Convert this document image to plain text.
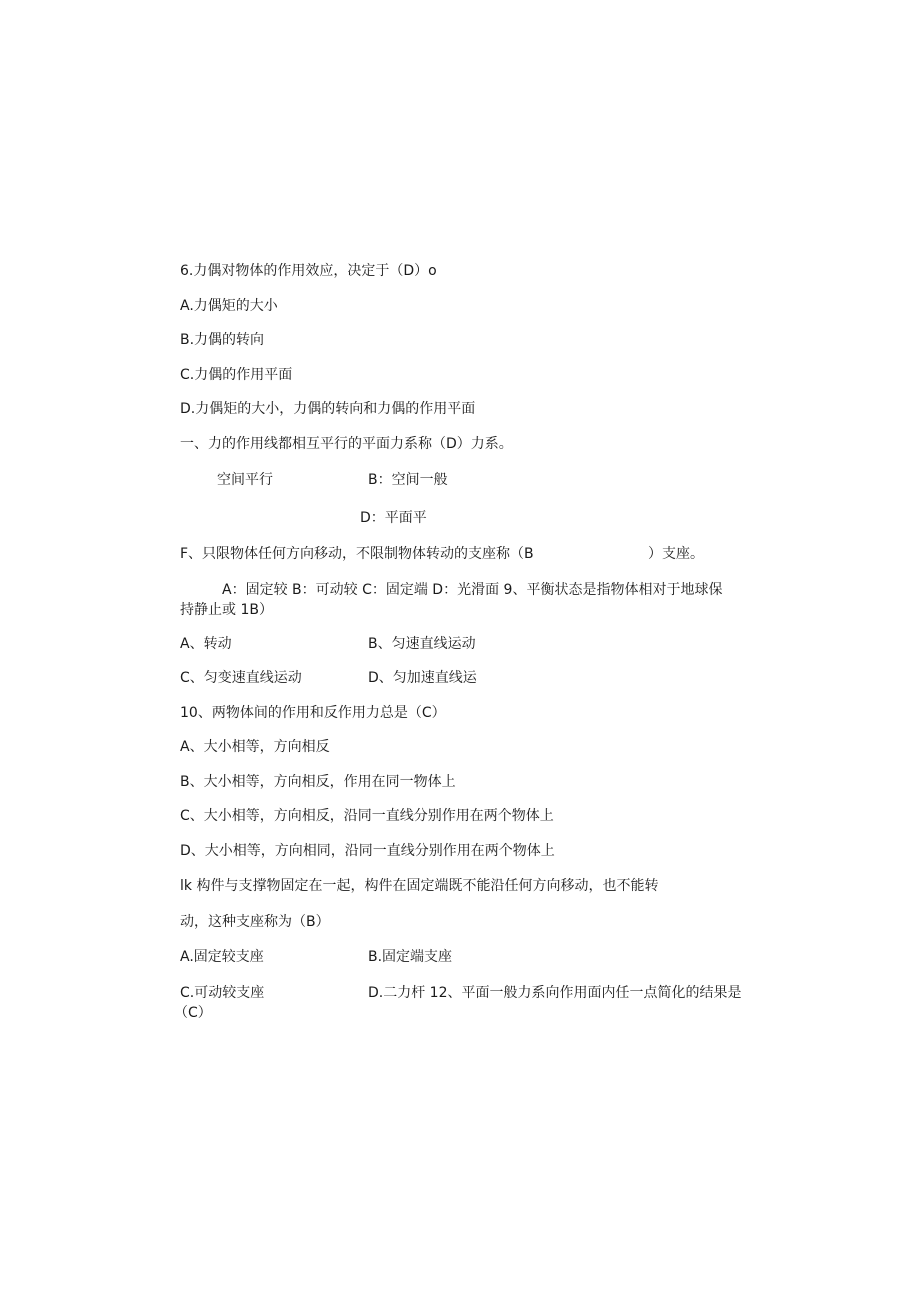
6.力偶对物体的作用效应，决定于（D）o
A.力偶矩的大小
B.力偶的转向
C.力偶的作用平面
D.力偶矩的大小，力偶的转向和力偶的作用平面
一、力的作用线都相互平行的平面力系称（D）力系。
空间平行	B：空间一般
D：平面平
F、只限物体任何方向移动，不限制物体转动的支座称（B	）支座。
A：固定较 B：可动较 C：固定端 D：光滑面 9、平衡状态是指物体相对于地球保
持静止或 1B）
A、转动	B、匀速直线运动
C、匀变速直线运动	D、匀加速直线运
10、两物体间的作用和反作用力总是（C）
A、大小相等，方向相反
B、大小相等，方向相反，作用在同一物体上
C、大小相等，方向相反，沿同一直线分别作用在两个物体上
D、大小相等，方向相同，沿同一直线分别作用在两个物体上
lk 构件与支撑物固定在一起，构件在固定端既不能沿任何方向移动，也不能转
动，这种支座称为（B）
A.固定较支座	B.固定端支座
C.可动较支座	D.二力杆 12、平面一般力系向作用面内任一点简化的结果是
（C）
